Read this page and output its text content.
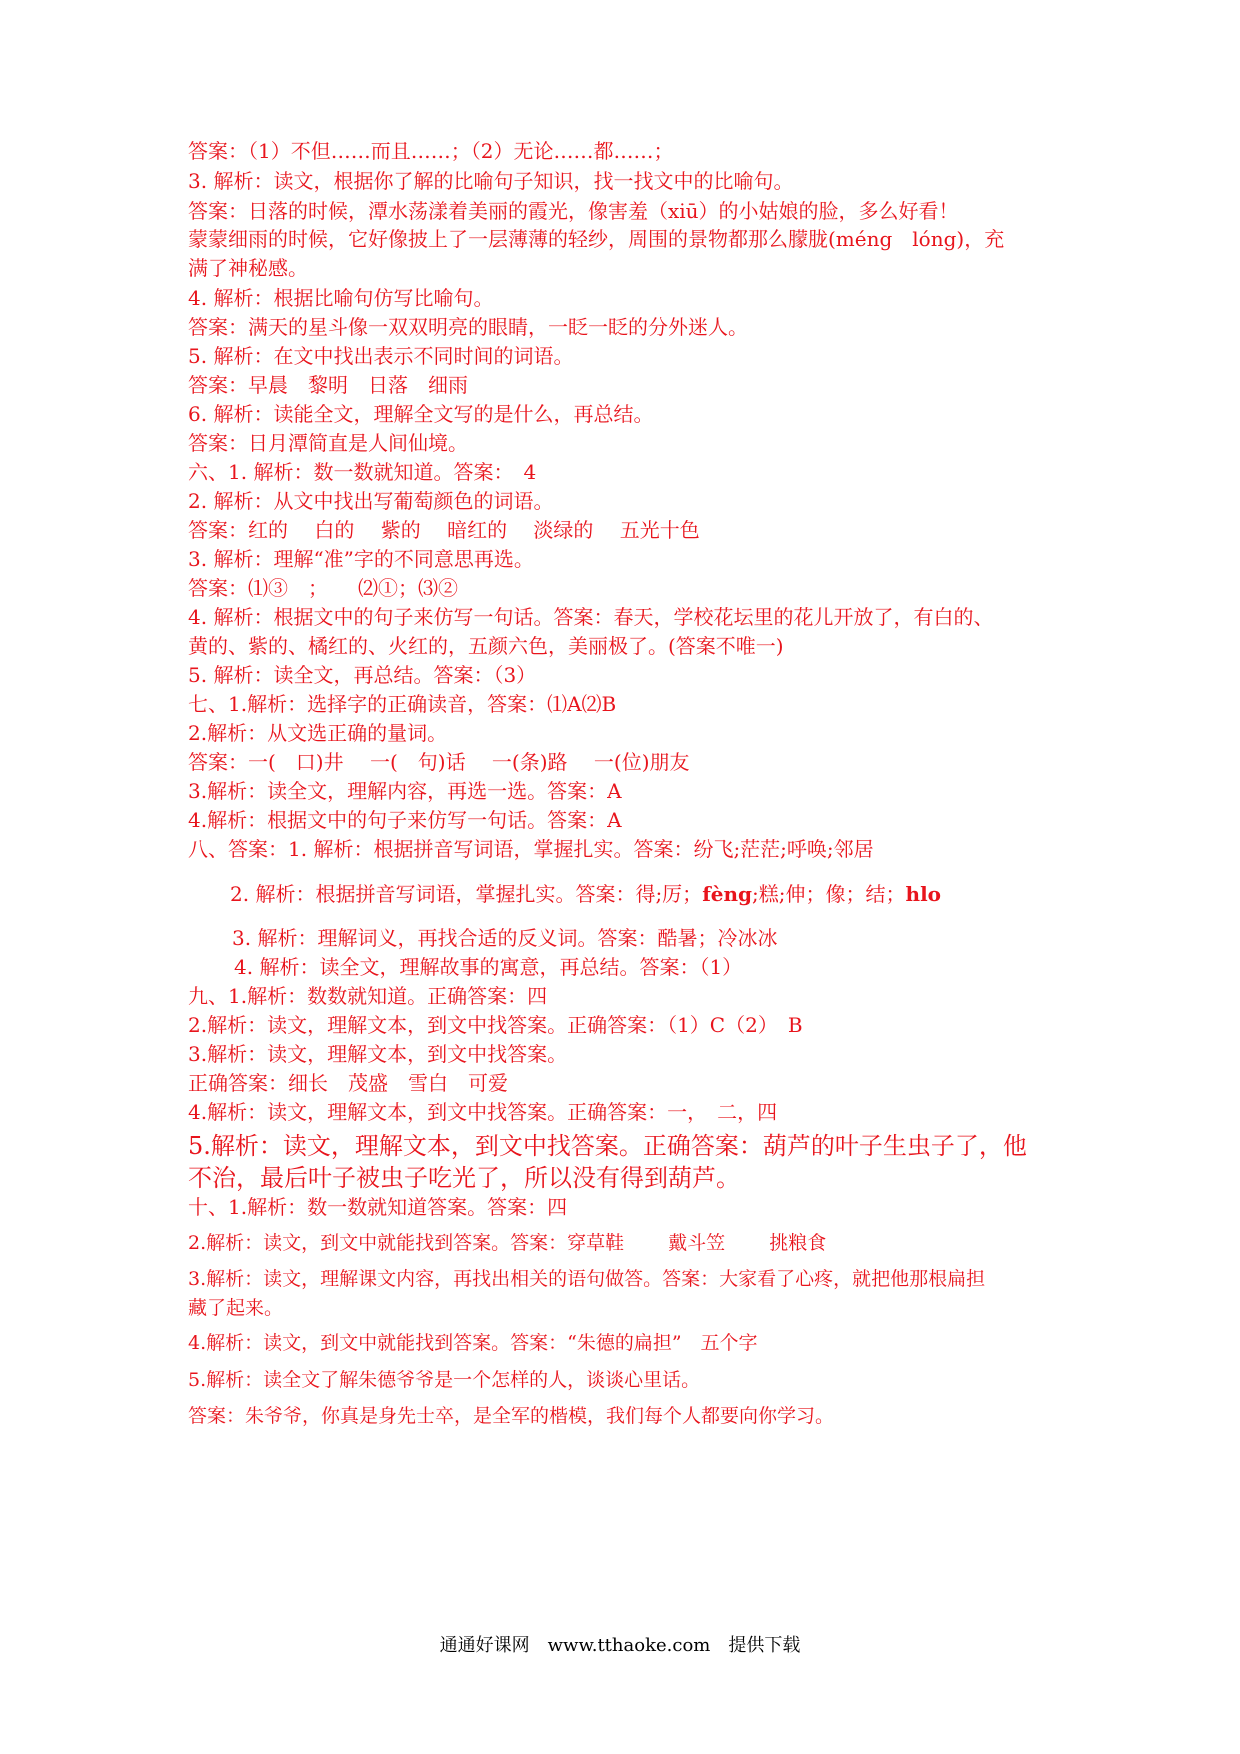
答案：（1）不但……而且……；（2）无论……都……；

3. 解析：读文，根据你了解的比喻句子知识，找一找文中的比喻句。

答案：日落的时候，潭水荡漾着美丽的霞光，像害羞（xiū）的小姑娘的脸，多么好看！

蒙蒙细雨的时候，它好像披上了一层薄薄的轻纱，周围的景物都那么朦胧(méng　lóng)，充

满了神秘感。

4. 解析：根据比喻句仿写比喻句。

答案：满天的星斗像一双双明亮的眼睛，一眨一眨的分外迷人。

5. 解析：在文中找出表示不同时间的词语。

答案：早晨　黎明　日落　细雨

6. 解析：读能全文，理解全文写的是什么，再总结。

答案：日月潭简直是人间仙境。

六、1. 解析：数一数就知道。答案：　4

2. 解析：从文中找出写葡萄颜色的词语。

答案：红的　 白的　 紫的　 暗红的　 淡绿的　 五光十色

3. 解析：理解“准”字的不同意思再选。

答案：⑴③　；　　⑵①；⑶②

4. 解析：根据文中的句子来仿写一句话。答案：春天，学校花坛里的花儿开放了，有白的、

黄的、紫的、橘红的、火红的，五颜六色，美丽极了。(答案不唯一)

5. 解析：读全文，再总结。答案：（3）

七、1.解析：选择字的正确读音，答案：⑴A⑵B

2.解析：从文选正确的量词。

答案：一(　口)井　 一(　句)话　 一(条)路　 一(位)朋友

3.解析：读全文，理解内容，再选一选。答案：A

4.解析：根据文中的句子来仿写一句话。答案：A

八、答案：1. 解析：根据拼音写词语，掌握扎实。答案：纷飞;茫茫;呼唤;邻居

2. 解析：根据拼音写词语，掌握扎实。答案：得;厉；fèng;糕;伸；像；结；hlo

3. 解析：理解词义，再找合适的反义词。答案：酷暑；冷冰冰

4. 解析：读全文，理解故事的寓意，再总结。答案：（1）

九、1.解析：数数就知道。正确答案：四

2.解析：读文，理解文本，到文中找答案。正确答案：（1）C（2）　B

3.解析：读文，理解文本，到文中找答案。

正确答案：细长　茂盛　雪白　可爱

4.解析：读文，理解文本，到文中找答案。正确答案：一，　二，四

5.解析：读文，理解文本，到文中找答案。正确答案：葫芦的叶子生虫子了，他

不治，最后叶子被虫子吃光了，所以没有得到葫芦。

十、1.解析：数一数就知道答案。答案：四

2.解析：读文，到文中就能找到答案。答案：穿草鞋　　 戴斗笠　　 挑粮食

3.解析：读文，理解课文内容，再找出相关的语句做答。答案：大家看了心疼，就把他那根扁担

藏了起来。

4.解析：读文，到文中就能找到答案。答案：“朱德的扁担”　五个字

5.解析：读全文了解朱德爷爷是一个怎样的人，谈谈心里话。

答案：朱爷爷，你真是身先士卒，是全军的楷模，我们每个人都要向你学习。

通通好课网　www.tthaoke.com　提供下载
